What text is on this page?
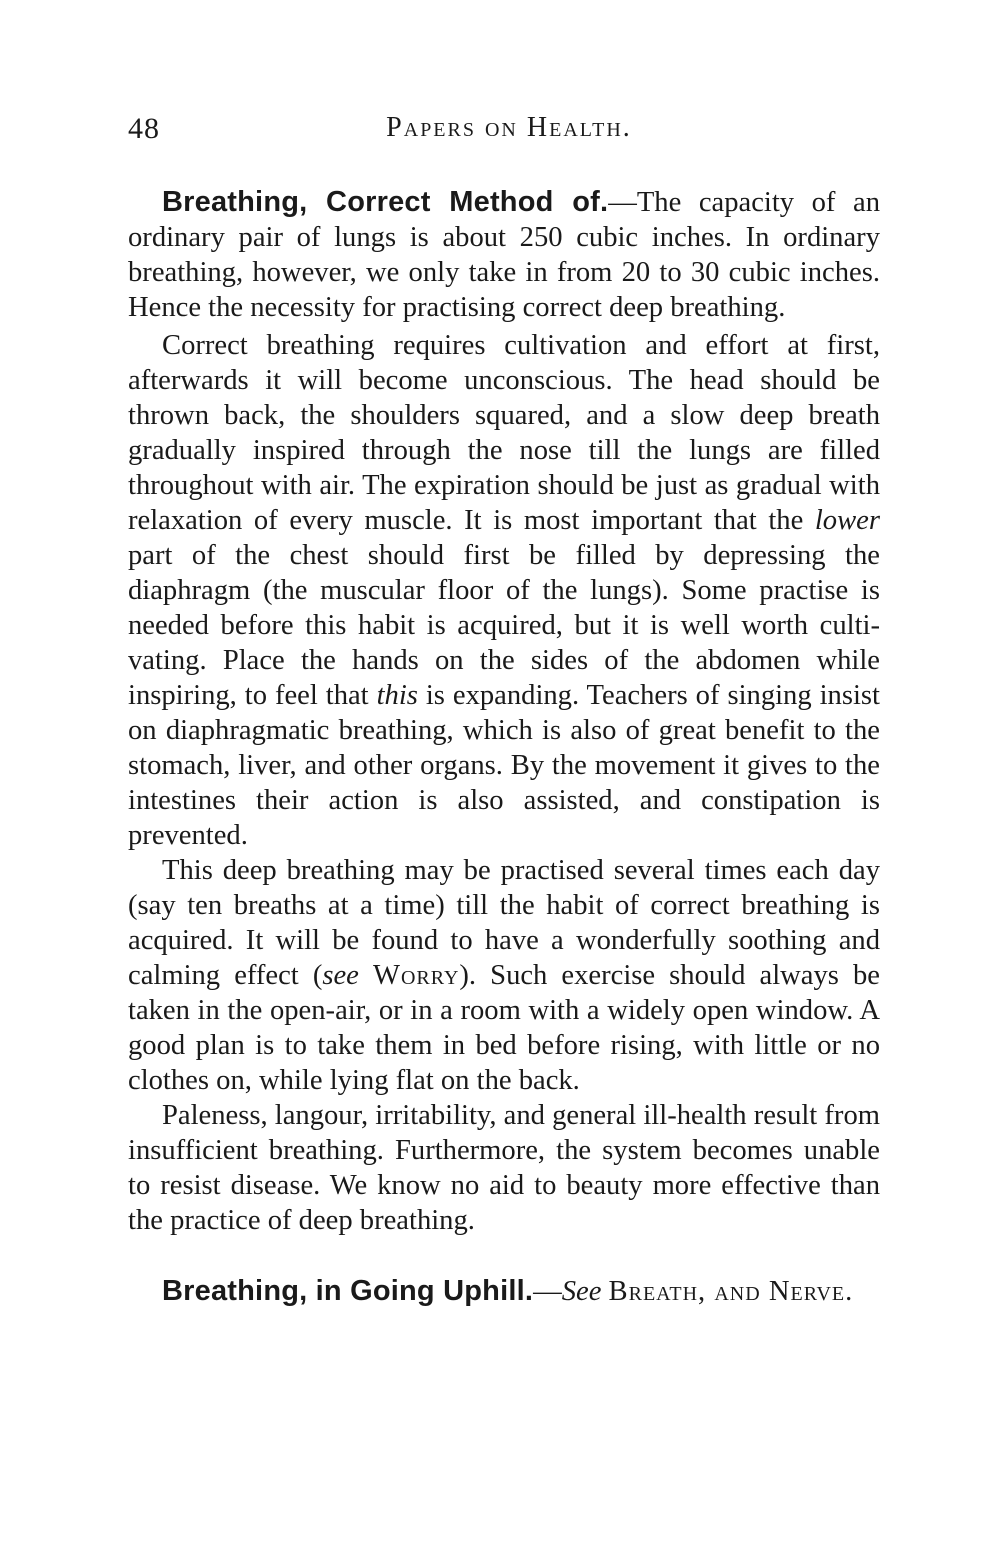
48	Papers on Health.

Breathing, Correct Method of.—The capacity of an ordinary pair of lungs is about 250 cubic inches. In ordinary breathing, however, we only take in from 20 to 30 cubic inches. Hence the necessity for practising correct deep breathing.

Correct breathing requires cultivation and effort at first, afterwards it will become unconscious. The head should be thrown back, the shoulders squared, and a slow deep breath gradually inspired through the nose till the lungs are filled throughout with air. The expiration should be just as gradual with relaxation of every muscle. It is most important that the lower part of the chest should first be filled by depressing the diaphragm (the muscular floor of the lungs). Some practise is needed before this habit is acquired, but it is well worth culti-vating. Place the hands on the sides of the abdomen while inspiring, to feel that this is expanding. Teachers of singing insist on diaphragmatic breathing, which is also of great benefit to the stomach, liver, and other organs. By the movement it gives to the intestines their action is also assisted, and constipation is prevented.

This deep breathing may be practised several times each day (say ten breaths at a time) till the habit of correct breathing is acquired. It will be found to have a wonderfully soothing and calming effect (see Worry). Such exercise should always be taken in the open-air, or in a room with a widely open window. A good plan is to take them in bed before rising, with little or no clothes on, while lying flat on the back.

Paleness, langour, irritability, and general ill-health result from insufficient breathing. Furthermore, the system becomes unable to resist disease. We know no aid to beauty more effective than the practice of deep breathing.

Breathing, in Going Uphill.—See Breath, and Nerve.
